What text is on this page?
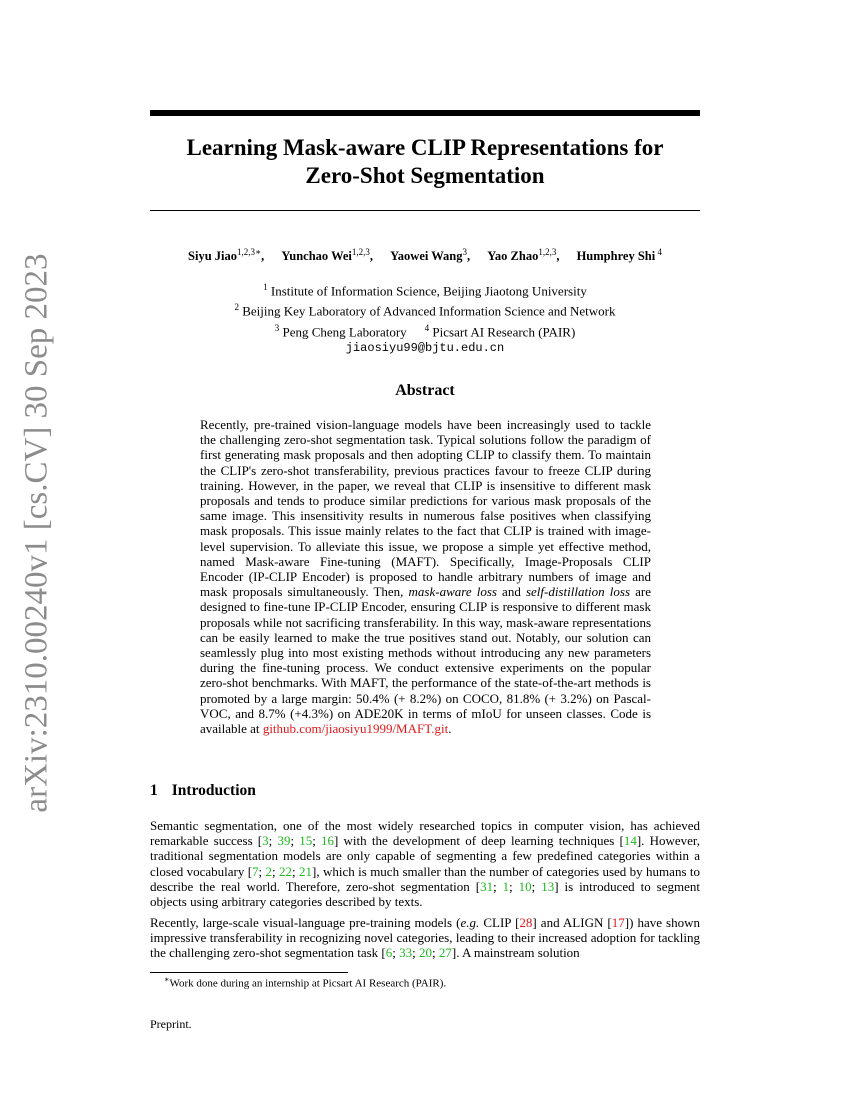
arXiv:2310.00240v1 [cs.CV] 30 Sep 2023
Learning Mask-aware CLIP Representations for
Zero-Shot Segmentation
Siyu Jiao$^{1,2,3∗}$, Yunchao Wei$^{1,2,3}$, Yaowei Wang$^3$, Yao Zhao$^{1,2,3}$, Humphrey Shi $^4$
$^1$ Institute of Information Science, Beijing Jiaotong University
$^2$ Beijing Key Laboratory of Advanced Information Science and Network
$^3$ Peng Cheng Laboratory $^4$ Picsart AI Research (PAIR)
jiaosiyu99@bjtu.edu.cn
Abstract
Recently, pre-trained vision-language models have been increasingly used to tackle the challenging zero-shot segmentation task. Typical solutions follow the paradigm of first generating mask proposals and then adopting CLIP to classify them. To maintain the CLIP's zero-shot transferability, previous practices favour to freeze CLIP during training. However, in the paper, we reveal that CLIP is insensitive to different mask proposals and tends to produce similar predictions for various mask proposals of the same image. This insensitivity results in numerous false positives when classifying mask proposals. This issue mainly relates to the fact that CLIP is trained with image-level supervision. To alleviate this issue, we propose a simple yet effective method, named Mask-aware Fine-tuning (MAFT). Specifically, Image-Proposals CLIP Encoder (IP-CLIP Encoder) is proposed to handle arbitrary numbers of image and mask proposals simultaneously. Then, mask-aware loss and self-distillation loss are designed to fine-tune IP-CLIP Encoder, ensuring CLIP is responsive to different mask proposals while not sacrificing transferability. In this way, mask-aware representations can be easily learned to make the true positives stand out. Notably, our solution can seamlessly plug into most existing methods without introducing any new parameters during the fine-tuning process. We conduct extensive experiments on the popular zero-shot benchmarks. With MAFT, the performance of the state-of-the-art methods is promoted by a large margin: 50.4% (+ 8.2%) on COCO, 81.8% (+ 3.2%) on Pascal-VOC, and 8.7% (+4.3%) on ADE20K in terms of mIoU for unseen classes. Code is available at github.com/jiaosiyu1999/MAFT.git.
1 Introduction
Semantic segmentation, one of the most widely researched topics in computer vision, has achieved remarkable success [3; 39; 15; 16] with the development of deep learning techniques [14]. However, traditional segmentation models are only capable of segmenting a few predefined categories within a closed vocabulary [7; 2; 22; 21], which is much smaller than the number of categories used by humans to describe the real world. Therefore, zero-shot segmentation [31; 1; 10; 13] is introduced to segment objects using arbitrary categories described by texts.
Recently, large-scale visual-language pre-training models (e.g. CLIP [28] and ALIGN [17]) have shown impressive transferability in recognizing novel categories, leading to their increased adoption for tackling the challenging zero-shot segmentation task [6; 33; 20; 27]. A mainstream solution
∗Work done during an internship at Picsart AI Research (PAIR).
Preprint.
